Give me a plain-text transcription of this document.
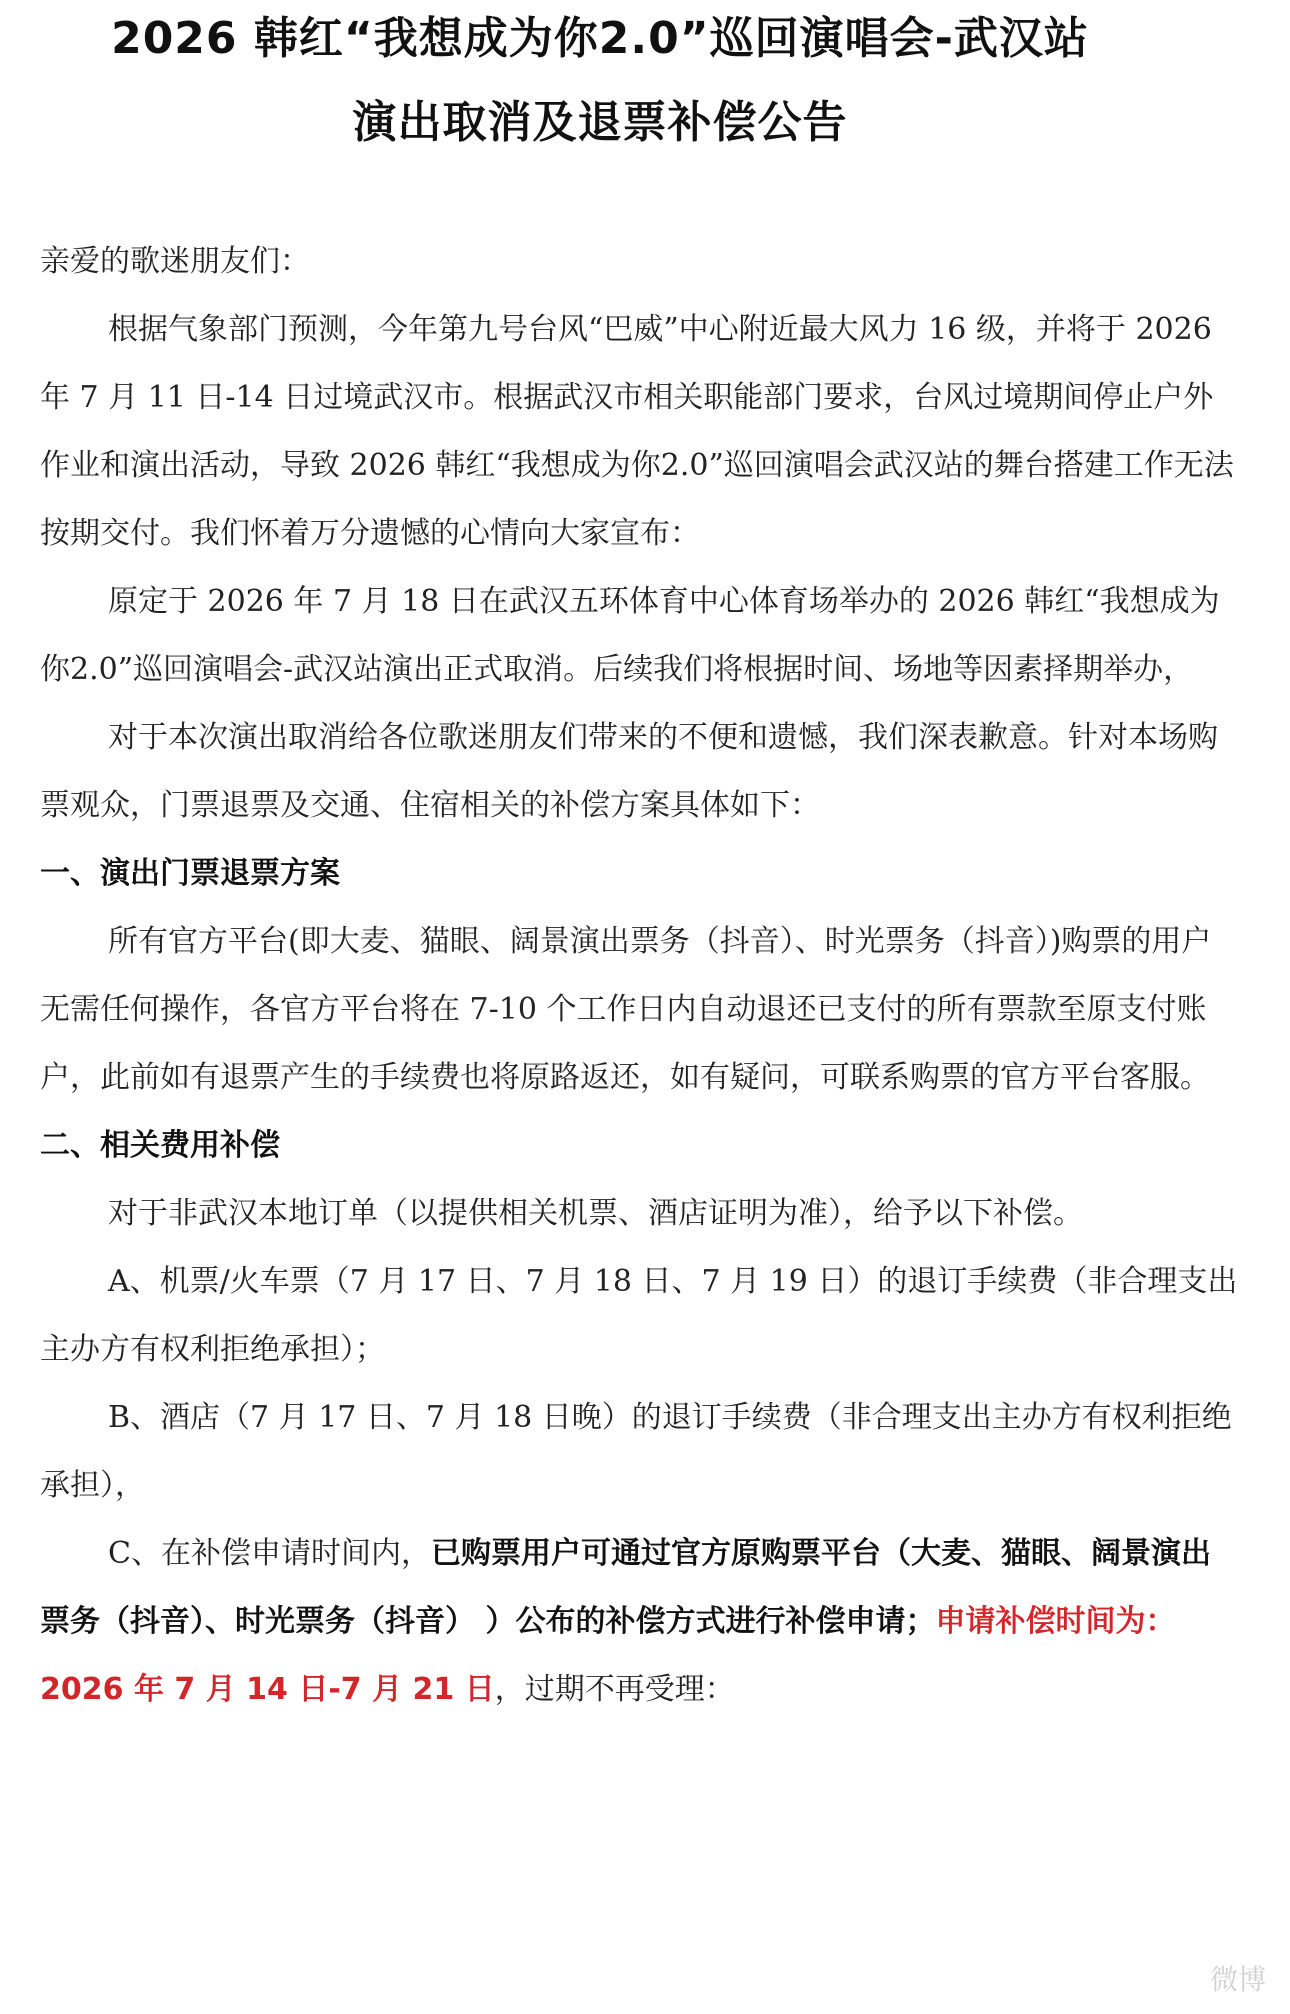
2026 韩红“我想成为你2.0”巡回演唱会-武汉站
演出取消及退票补偿公告

亲爱的歌迷朋友们：

根据气象部门预测，今年第九号台风“巴威”中心附近最大风力 16 级，并将于 2026 年 7 月 11 日-14 日过境武汉市。根据武汉市相关职能部门要求，台风过境期间停止户外作业和演出活动，导致 2026 韩红“我想成为你2.0”巡回演唱会武汉站的舞台搭建工作无法按期交付。我们怀着万分遗憾的心情向大家宣布：

原定于 2026 年 7 月 18 日在武汉五环体育中心体育场举办的 2026 韩红“我想成为你2.0”巡回演唱会-武汉站演出正式取消。后续我们将根据时间、场地等因素择期举办，

对于本次演出取消给各位歌迷朋友们带来的不便和遗憾，我们深表歉意。针对本场购票观众，门票退票及交通、住宿相关的补偿方案具体如下：

一、演出门票退票方案

所有官方平台(即大麦、猫眼、阔景演出票务（抖音）、时光票务（抖音）)购票的用户无需任何操作，各官方平台将在 7-10 个工作日内自动退还已支付的所有票款至原支付账户，此前如有退票产生的手续费也将原路返还，如有疑问，可联系购票的官方平台客服。

二、相关费用补偿

对于非武汉本地订单（以提供相关机票、酒店证明为准），给予以下补偿。

A、机票/火车票（7 月 17 日、7 月 18 日、7 月 19 日）的退订手续费（非合理支出主办方有权利拒绝承担）；

B、酒店（7 月 17 日、7 月 18 日晚）的退订手续费（非合理支出主办方有权利拒绝承担），

C、在补偿申请时间内，已购票用户可通过官方原购票平台（大麦、猫眼、阔景演出票务（抖音）、时光票务（抖音） ）公布的补偿方式进行补偿申请；申请补偿时间为：2026 年 7 月 14 日-7 月 21 日，过期不再受理：

微博
